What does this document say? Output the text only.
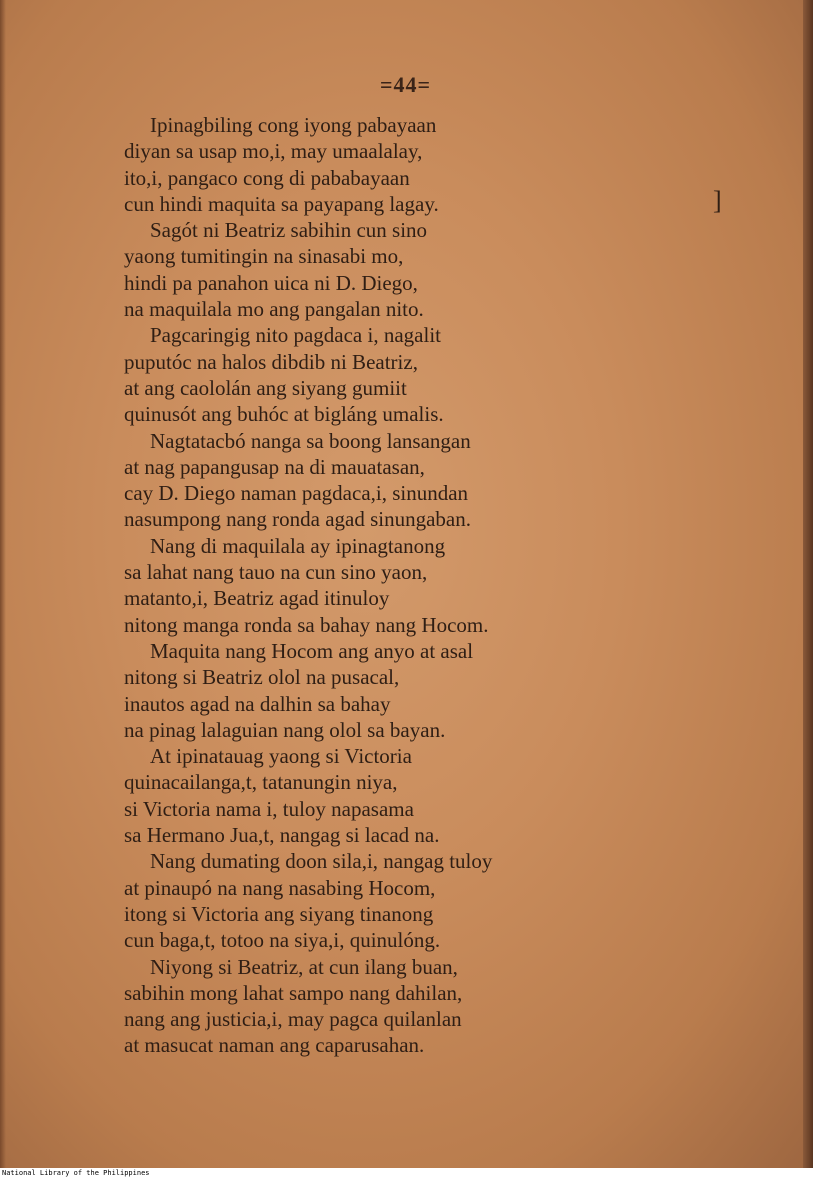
=44=
]
Ipinagbiling cong iyong pabayaan
diyan sa usap mo,i, may umaalalay,
ito,i, pangaco cong di pababayaan
cun hindi maquita sa payapang lagay.
Sagót ni Beatriz sabihin cun sino
yaong tumitingin na sinasabi mo,
hindi pa panahon uica ni D. Diego,
na maquilala mo ang pangalan nito.
Pagcaringig nito pagdaca i, nagalit
puputóc na halos dibdib ni Beatriz,
at ang caololán ang siyang gumiit
quinusót ang buhóc at bigláng umalis.
Nagtatacbó nanga sa boong lansangan
at nag papangusap na di mauatasan,
cay D. Diego naman pagdaca,i, sinundan
nasumpong nang ronda agad sinungaban.
Nang di maquilala ay ipinagtanong
sa lahat nang tauo na cun sino yaon,
matanto,i, Beatriz agad itinuloy
nitong manga ronda sa bahay nang Hocom.
Maquita nang Hocom ang anyo at asal
nitong si Beatriz olol na pusacal,
inautos agad na dalhin sa bahay
na pinag lalaguian nang olol sa bayan.
At ipinatauag yaong si Victoria
quinacailanga,t, tatanungin niya,
si Victoria nama i, tuloy napasama
sa Hermano Jua,t, nangag si lacad na.
Nang dumating doon sila,i, nangag tuloy
at pinaupó na nang nasabing Hocom,
itong si Victoria ang siyang tinanong
cun baga,t, totoo na siya,i, quinulóng.
Niyong si Beatriz, at cun ilang buan,
sabihin mong lahat sampo nang dahilan,
nang ang justicia,i, may pagca quilanlan
at masucat naman ang caparusahan.
National Library of the Philippines
